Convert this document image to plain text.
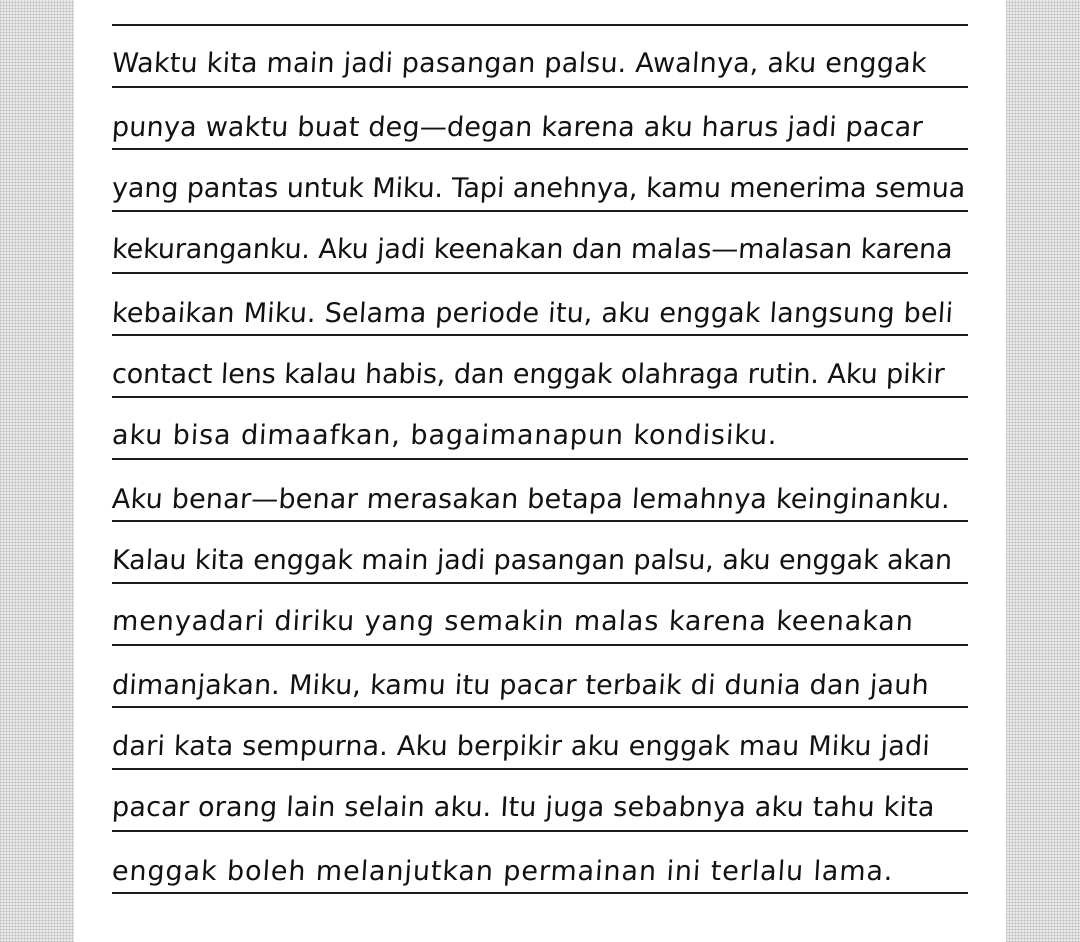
Waktu kita main jadi pasangan palsu. Awalnya, aku enggak
punya waktu buat deg—degan karena aku harus jadi pacar
yang pantas untuk Miku. Tapi anehnya, kamu menerima semua
kekuranganku. Aku jadi keenakan dan malas—malasan karena
kebaikan Miku. Selama periode itu, aku enggak langsung beli
contact lens kalau habis, dan enggak olahraga rutin. Aku pikir
aku bisa dimaafkan, bagaimanapun kondisiku.
Aku benar—benar merasakan betapa lemahnya keinginanku.
Kalau kita enggak main jadi pasangan palsu, aku enggak akan
menyadari diriku yang semakin malas karena keenakan
dimanjakan. Miku, kamu itu pacar terbaik di dunia dan jauh
dari kata sempurna. Aku berpikir aku enggak mau Miku jadi
pacar orang lain selain aku. Itu juga sebabnya aku tahu kita
enggak boleh melanjutkan permainan ini terlalu lama.
